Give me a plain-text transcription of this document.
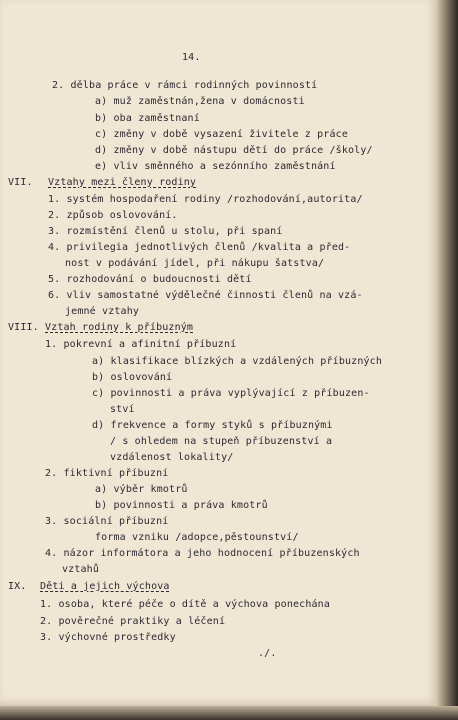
14.
2. dělba práce v rámci rodinných povinností
a) muž zaměstnán,žena v domácnosti
b) oba zaměstnaní
c) změny v době vysazení živitele z práce
d) změny v době nástupu dětí do práce /školy/
e) vliv směnného a sezónního zaměstnání
VII. Vztahy mezi členy rodiny
1. systém hospodaření rodiny /rozhodování,autorita/
2. způsob oslovování.
3. rozmístění členů u stolu, při spaní
4. privilegia jednotlivých členů /kvalita a před-
nost v podávání jídel, při nákupu šatstva/
5. rozhodování o budoucnosti dětí
6. vliv samostatné výdělečné činnosti členů na vzá-
jemné vztahy
VIII. Vztah rodiny k příbuzným
1. pokrevní a afinitní příbuzní
a) klasifikace blízkých a vzdálených příbuzných
b) oslovování
c) povinnosti a práva vyplývající z příbuzen-
ství
d) frekvence a formy styků s příbuznými
/ s ohledem na stupeň příbuzenství a
vzdálenost lokality/
2. fiktivní příbuzní
a) výběr kmotrů
b) povinnosti a práva kmotrů
3. sociální příbuzní
forma vzniku /adopce,pěstounství/
4. názor informátora a jeho hodnocení příbuzenských
vztahů
IX. Děti a jejich výchova
1. osoba, které péče o dítě a výchova ponechána
2. pověrečné praktiky a léčení
3. výchovné prostředky
./.
